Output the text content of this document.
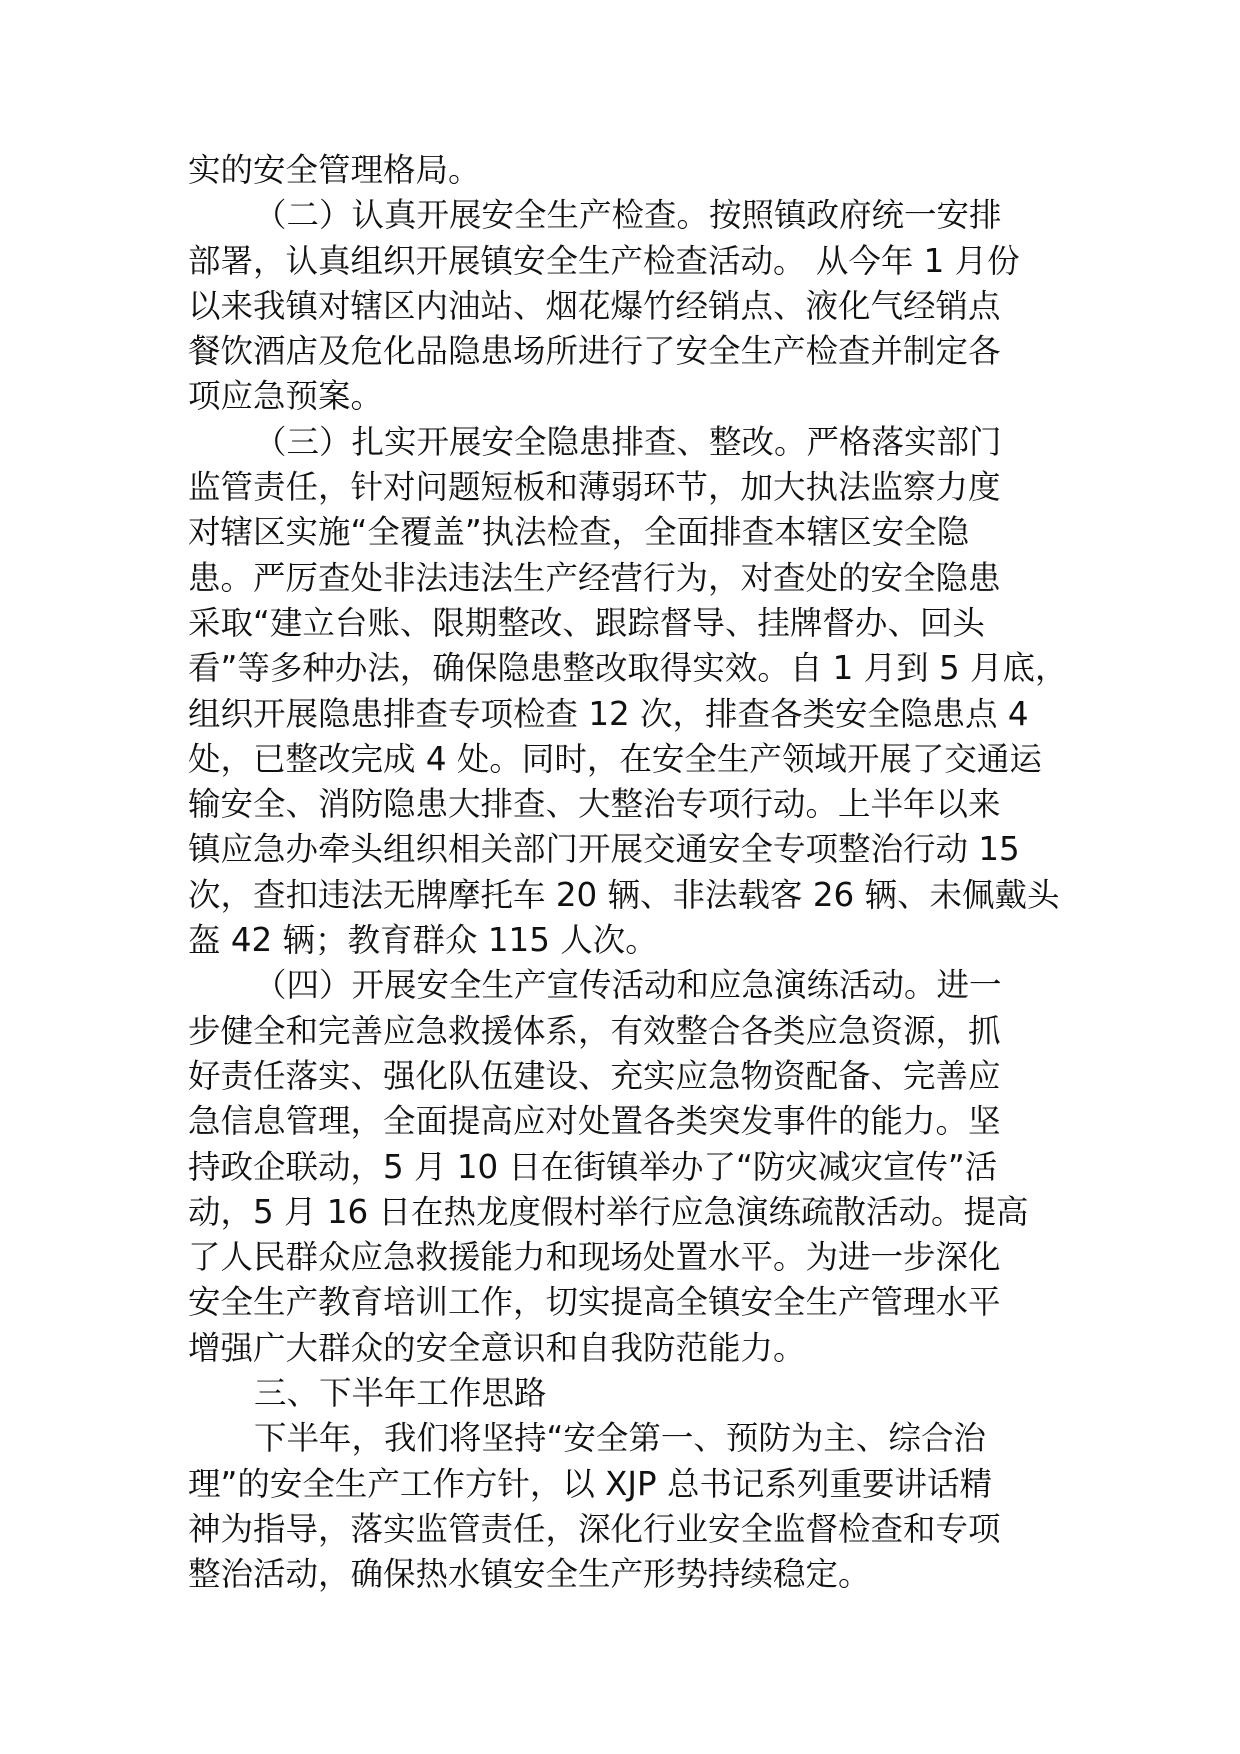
实的安全管理格局。

（二）认真开展安全生产检查。按照镇政府统一安排

部署，认真组织开展镇安全生产检查活动。 从今年 1 月份

以来我镇对辖区内油站、烟花爆竹经销点、液化气经销点

餐饮酒店及危化品隐患场所进行了安全生产检查并制定各

项应急预案。

（三）扎实开展安全隐患排查、整改。严格落实部门

监管责任，针对问题短板和薄弱环节，加大执法监察力度

对辖区实施“全覆盖”执法检查，全面排查本辖区安全隐

患。严厉查处非法违法生产经营行为，对查处的安全隐患

采取“建立台账、限期整改、跟踪督导、挂牌督办、回头

看”等多种办法，确保隐患整改取得实效。自 1 月到 5 月底，

组织开展隐患排查专项检查 12 次，排查各类安全隐患点 4

处，已整改完成 4 处。同时，在安全生产领域开展了交通运

输安全、消防隐患大排查、大整治专项行动。上半年以来

镇应急办牵头组织相关部门开展交通安全专项整治行动 15

次，查扣违法无牌摩托车 20 辆、非法载客 26 辆、未佩戴头

盔 42 辆；教育群众 115 人次。

（四）开展安全生产宣传活动和应急演练活动。进一

步健全和完善应急救援体系，有效整合各类应急资源，抓

好责任落实、强化队伍建设、充实应急物资配备、完善应

急信息管理，全面提高应对处置各类突发事件的能力。坚

持政企联动，5 月 10 日在街镇举办了“防灾减灾宣传”活

动，5 月 16 日在热龙度假村举行应急演练疏散活动。提高

了人民群众应急救援能力和现场处置水平。为进一步深化

安全生产教育培训工作，切实提高全镇安全生产管理水平

增强广大群众的安全意识和自我防范能力。

三、下半年工作思路

下半年，我们将坚持“安全第一、预防为主、综合治

理”的安全生产工作方针，以 XJP 总书记系列重要讲话精

神为指导，落实监管责任，深化行业安全监督检查和专项

整治活动，确保热水镇安全生产形势持续稳定。
